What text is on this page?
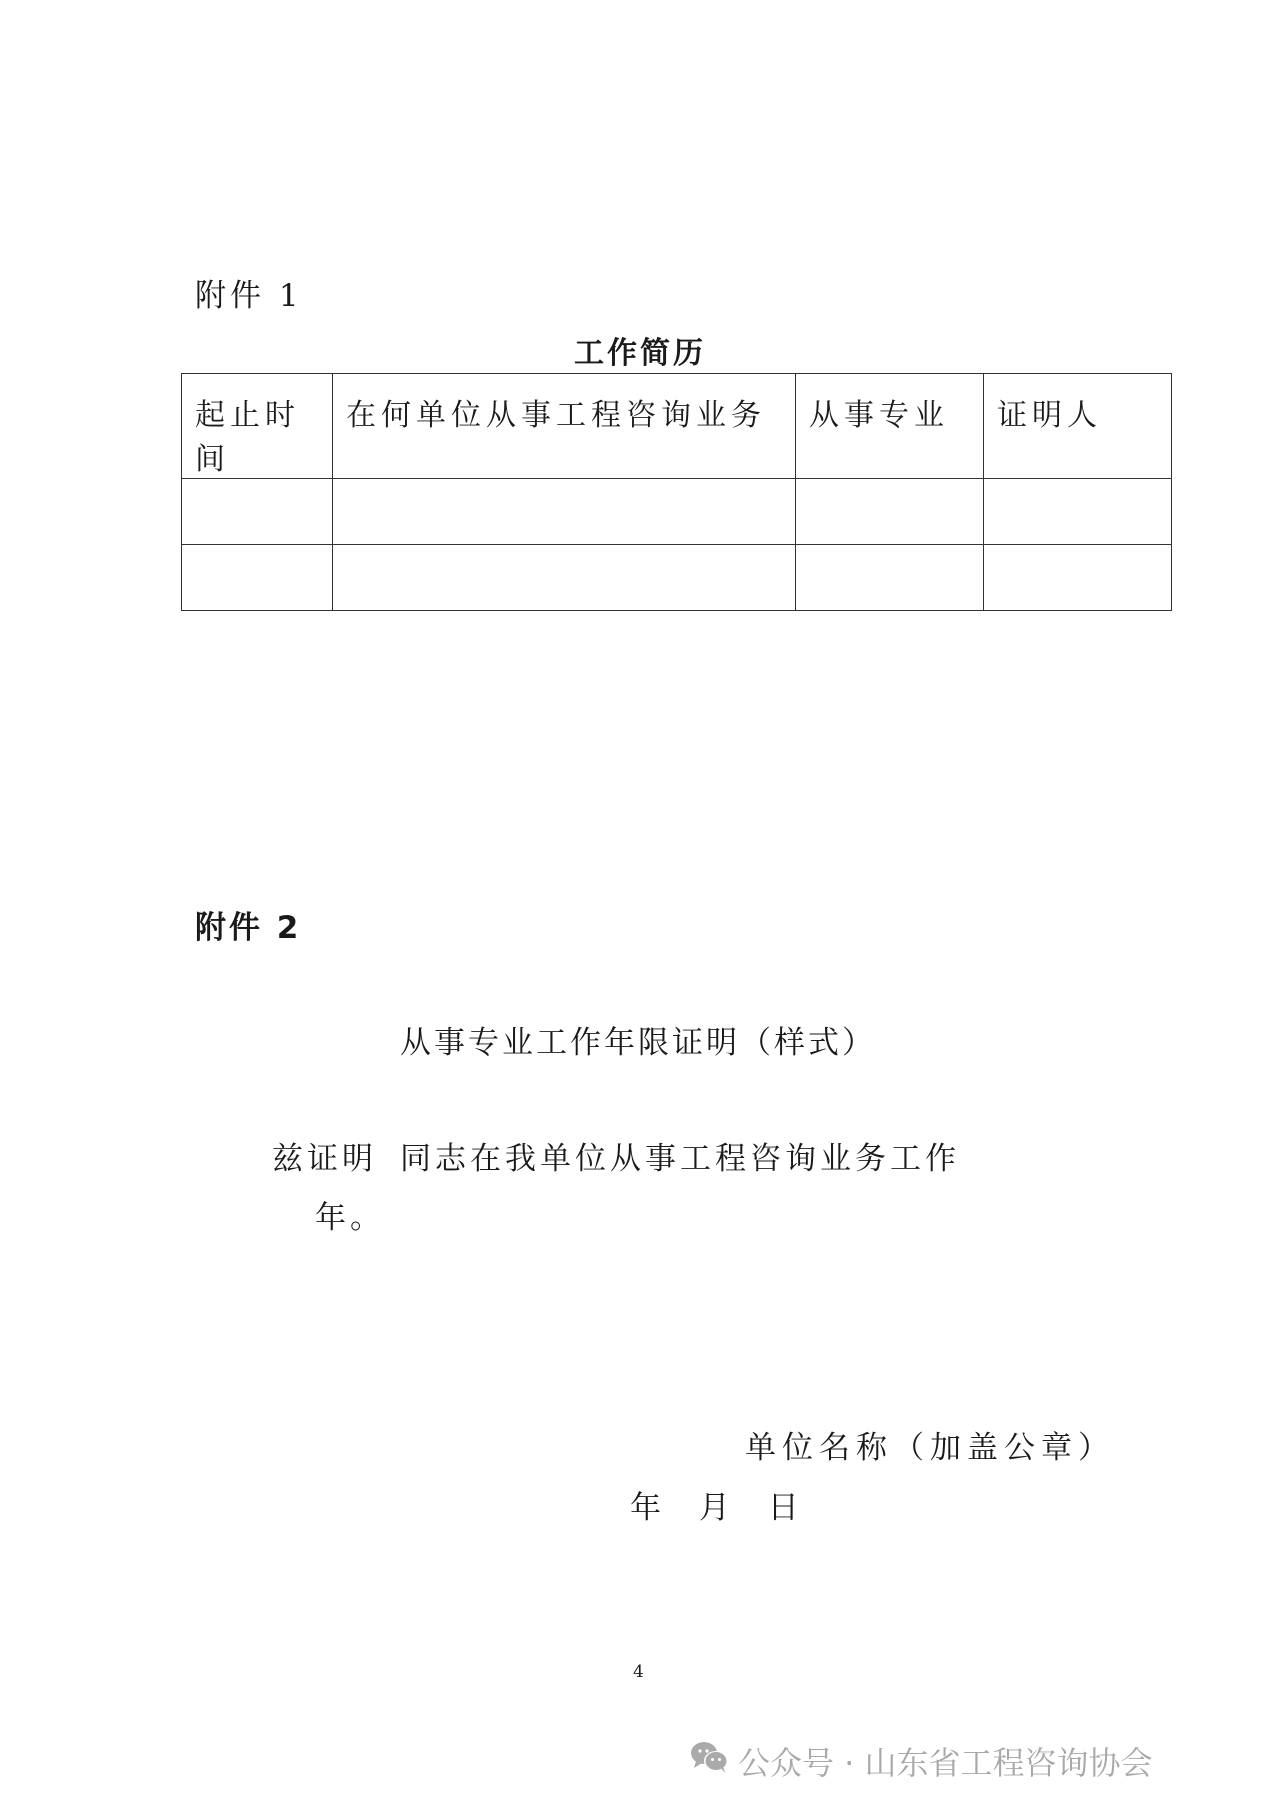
附件 1
工作简历
起止时间	在何单位从事工程咨询业务	从事专业	证明人

附件 2
从事专业工作年限证明（样式）
兹证明 同志在我单位从事工程咨询业务工作
年。
单位名称（加盖公章）
年 月 日
4
公众号 · 山东省工程咨询协会
